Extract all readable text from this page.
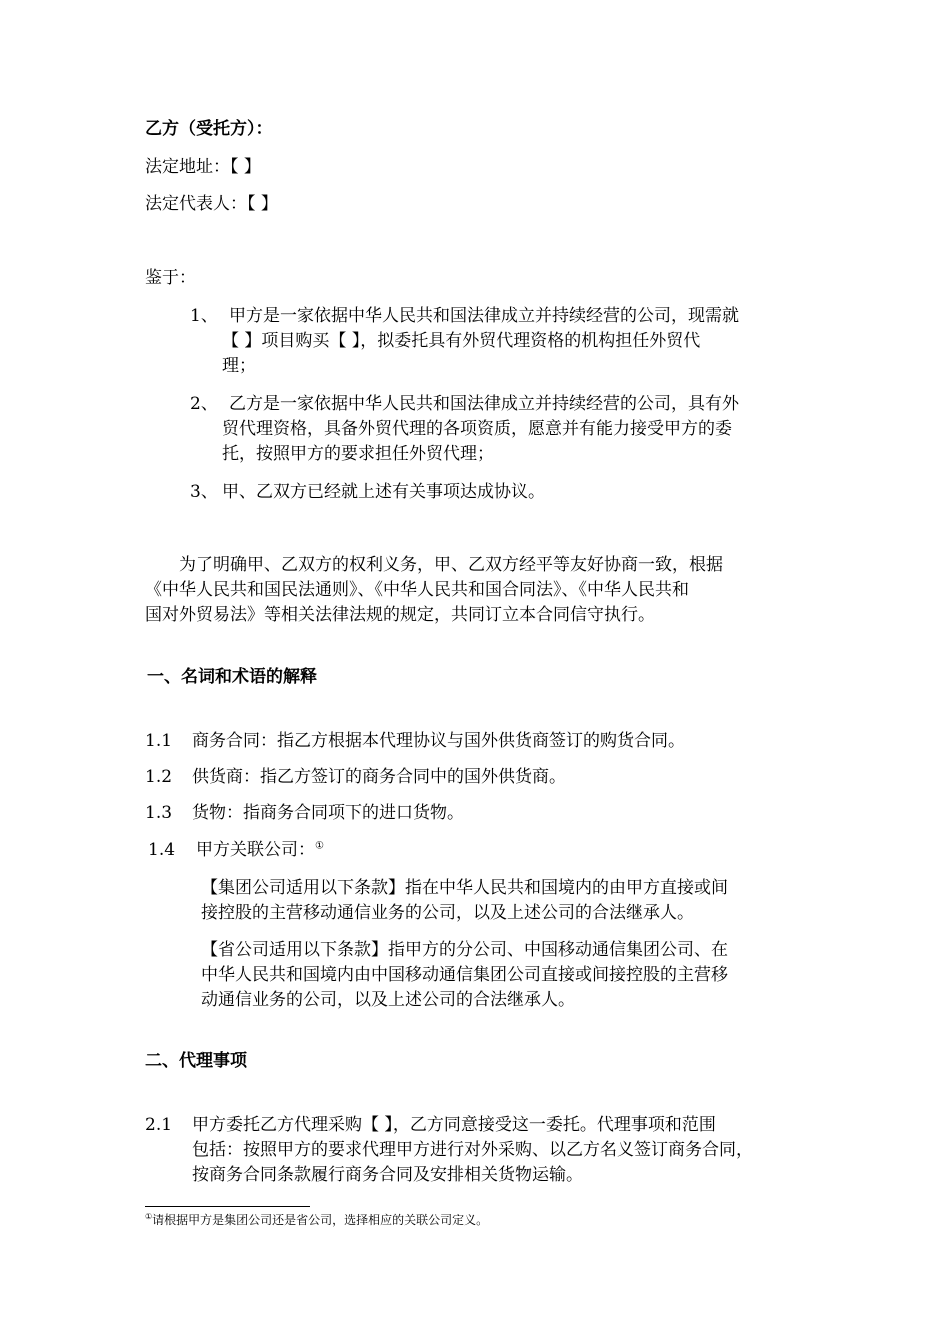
乙方（受托方）：
法定地址：【 】
法定代表人：【 】
鉴于：
1、 甲方是一家依据中华人民共和国法律成立并持续经营的公司，现需就
【 】项目购买【 】，拟委托具有外贸代理资格的机构担任外贸代
理；
2、 乙方是一家依据中华人民共和国法律成立并持续经营的公司，具有外
贸代理资格，具备外贸代理的各项资质，愿意并有能力接受甲方的委
托，按照甲方的要求担任外贸代理；
3、 甲、乙双方已经就上述有关事项达成协议。
为了明确甲、乙双方的权利义务，甲、乙双方经平等友好协商一致，根据
《中华人民共和国民法通则》、《中华人民共和国合同法》、《中华人民共和
国对外贸易法》等相关法律法规的规定，共同订立本合同信守执行。
一、名词和术语的解释
1.1 商务合同：指乙方根据本代理协议与国外供货商签订的购货合同。
1.2 供货商：指乙方签订的商务合同中的国外供货商。
1.3 货物：指商务合同项下的进口货物。
1.4 甲方关联公司：①
【集团公司适用以下条款】指在中华人民共和国境内的由甲方直接或间
接控股的主营移动通信业务的公司，以及上述公司的合法继承人。
【省公司适用以下条款】指甲方的分公司、中国移动通信集团公司、在
中华人民共和国境内由中国移动通信集团公司直接或间接控股的主营移
动通信业务的公司，以及上述公司的合法继承人。
二、代理事项
2.1 甲方委托乙方代理采购【 】，乙方同意接受这一委托。代理事项和范围
包括：按照甲方的要求代理甲方进行对外采购、以乙方名义签订商务合同，
按商务合同条款履行商务合同及安排相关货物运输。
①请根据甲方是集团公司还是省公司，选择相应的关联公司定义。
